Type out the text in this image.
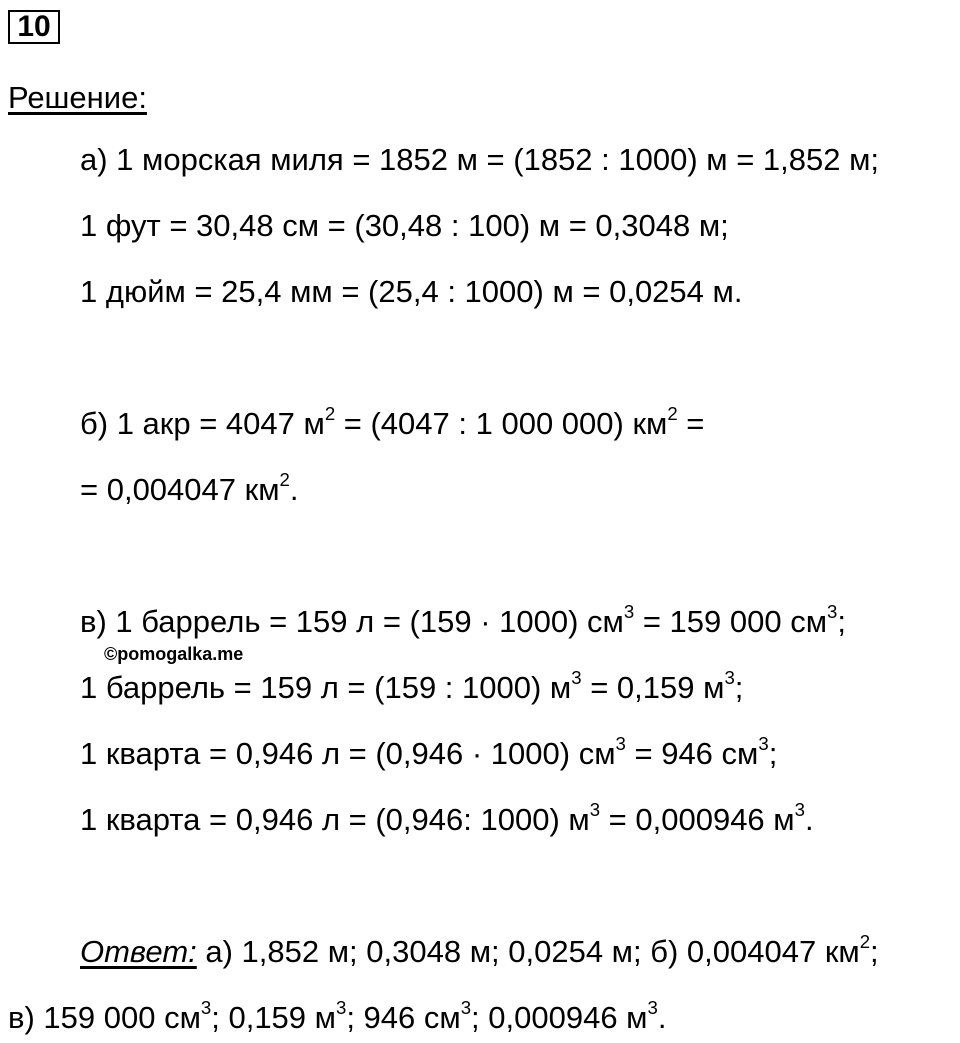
10
Решение:
а) 1 морская миля = 1852 м = (1852 : 1000) м = 1,852 м;
1 фут = 30,48 см = (30,48 : 100) м = 0,3048 м;
1 дюйм = 25,4 мм = (25,4 : 1000) м = 0,0254 м.
б) 1 акр = 4047 $м^2 = (4047$ : 1 000 000) $км^2$ =
= 0,004047 $км^2$.
в) 1 баррель = 159 л = (159 · 1000) $см^3 = 159$ 000 $см^3$;
©pomogalka.me
1 баррель = 159 л = (159 : 1000) $м^3 = 0,159$ $м^3$;
1 кварта = 0,946 л = (0,946 · 1000) $см^3 = 946$ $см^3$;
1 кварта = 0,946 л = (0,946: 1000) $м^3 = 0,000946$ $м^3$.
Ответ: а) 1,852 м; 0,3048 м; 0,0254 м; б) 0,004047 $км^2$;
в) 159 000 $см^3$; 0,159 $м^3$; 946 $см^3$; 0,000946 $м^3$.
